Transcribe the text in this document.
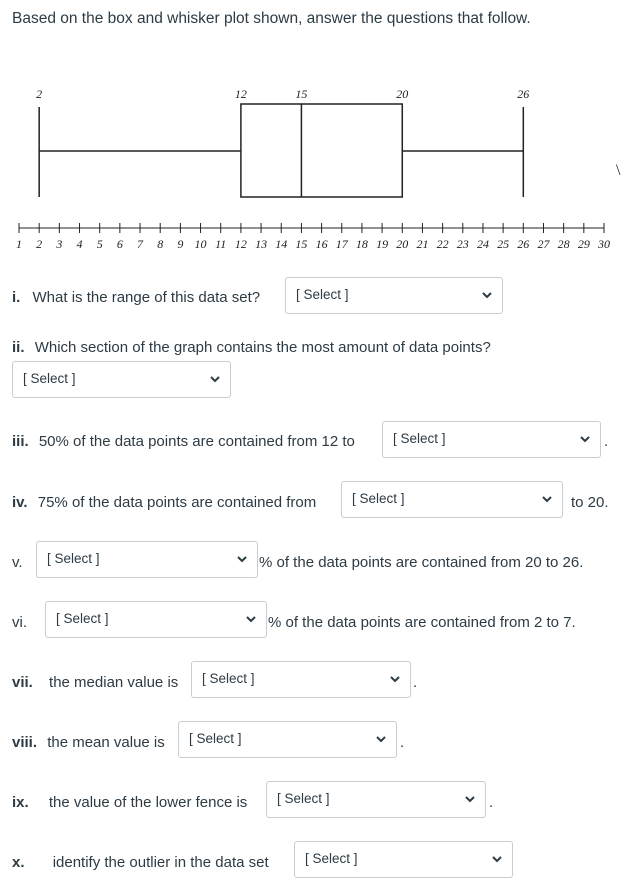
Based on the box and whisker plot shown, answer the questions that follow.
2	12	15	20	26
1 2 3 4 5 6 7 8 9 10 11 12 13 14 15 16 17 18 19 20 21 22 23 24 25 26 27 28 29 30
\
i. What is the range of this data set?	[ Select ]
ii. Which section of the graph contains the most amount of data points?
[ Select ]
iii. 50% of the data points are contained from 12 to	[ Select ]	.
iv. 75% of the data points are contained from	[ Select ]	to 20.
v. [ Select ]	% of the data points are contained from 20 to 26.
vi. [ Select ]	% of the data points are contained from 2 to 7.
vii. the median value is [ Select ]	.
viii. the mean value is [ Select ]	.
ix. the value of the lower fence is [ Select ]	.
x. identify the outlier in the data set	[ Select ]
